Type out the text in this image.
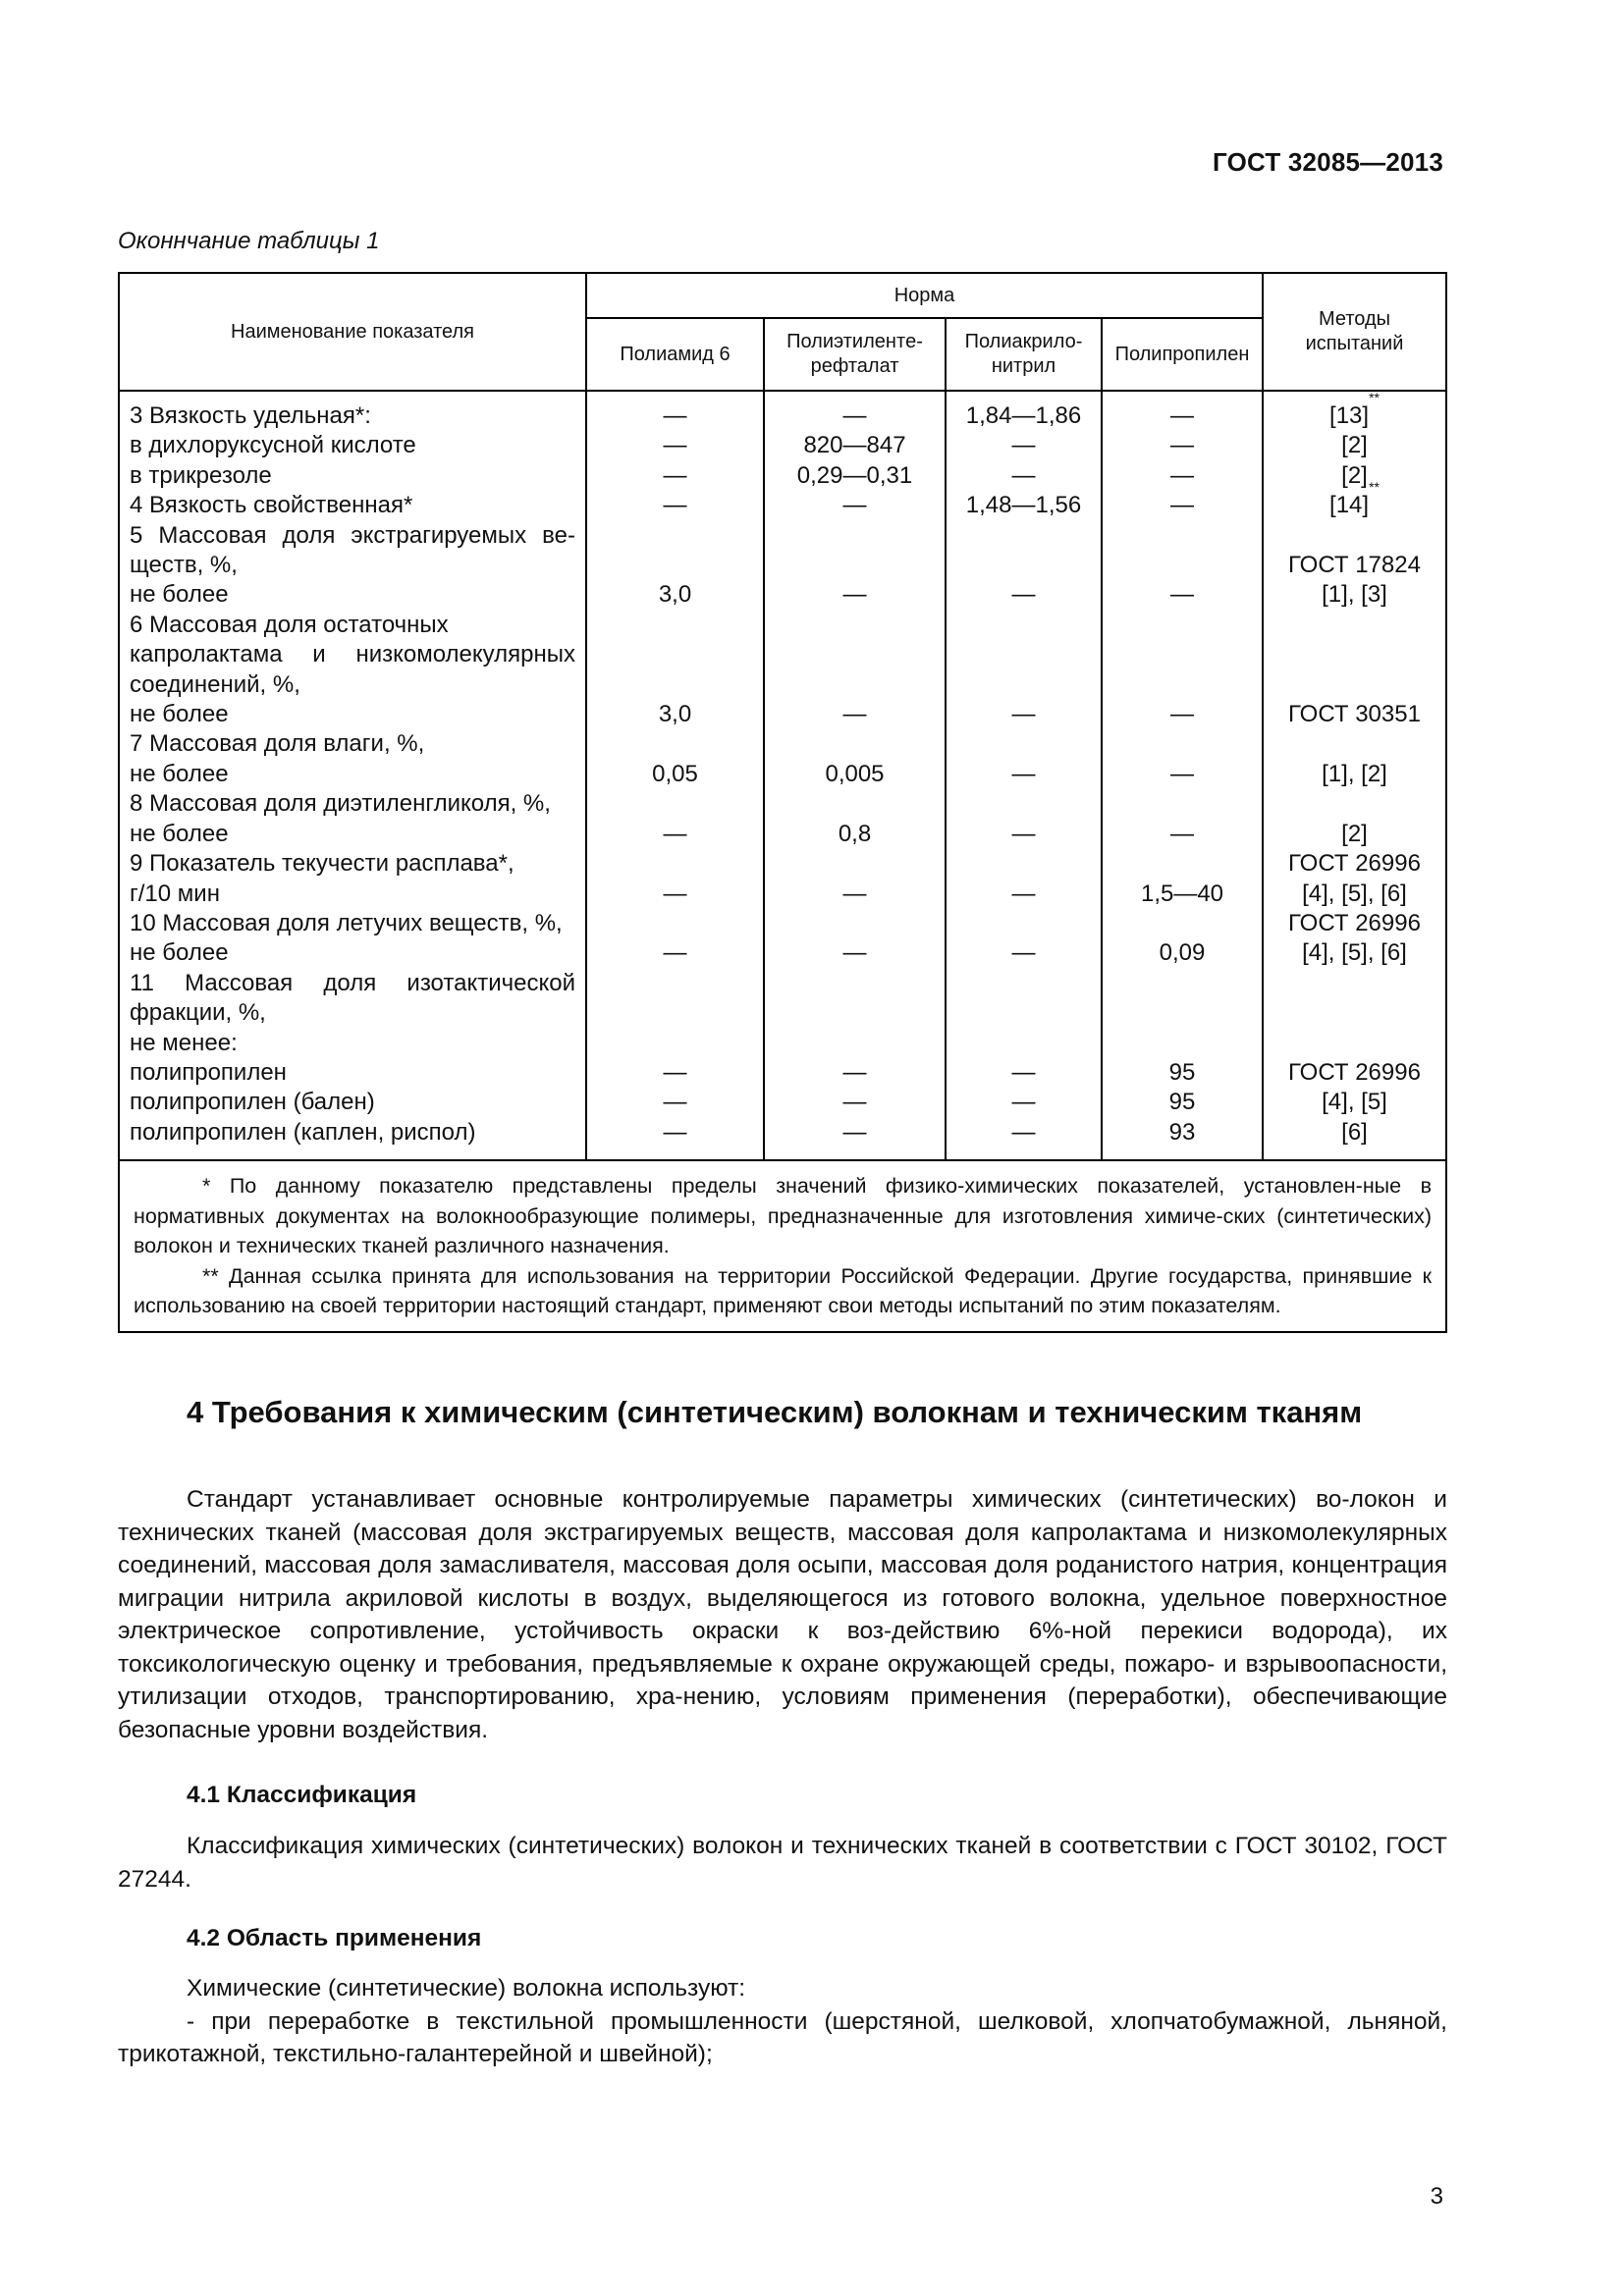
ГОСТ 32085—2013
Оконнчание таблицы 1
Наименование показателя	Норма				Методы испытаний
	Полиамид 6	Полиэтилентe-рефталат	Полиакрило-нитрил	Полипропилен	

3 Вязкость удельная*:	—	—	1,84—1,86	—	[13]**
в дихлоруксусной кислоте	—	820—847	—	—	[2]
в трикрезоле	—	0,29—0,31	—	—	[2]
4 Вязкость свойственная*	—	—	1,48—1,56	—	[14]**
5 Массовая доля экстрагируемых ве-					
ществ, %,					ГОСТ 17824
не более	3,0	—	—	—	[1], [3]
6 Массовая доля остаточных					
капролактама и низкомолекулярных					
соединений, %,					
не более	3,0	—	—	—	ГОСТ 30351
7 Массовая доля влаги, %,					
не более	0,05	0,005	—	—	[1], [2]
8 Массовая доля диэтиленгликоля, %,					
не более	—	0,8	—	—	[2]
9 Показатель текучести расплава*,					ГОСТ 26996
г/10 мин	—	—	—	1,5—40	[4], [5], [6]
10 Массовая доля летучих веществ, %,					ГОСТ 26996
не более	—	—	—	0,09	[4], [5], [6]
11 Массовая доля изотактической					
фракции, %,					
не менее:					
полипропилен	—	—	—	95	ГОСТ 26996
полипропилен (бален)	—	—	—	95	[4], [5]
полипропилен (каплен, риспол)	—	—	—	93	[6]

* По данному показателю представлены пределы значений физико-химических показателей, установлен-ные в нормативных документах на волокнообразующие полимеры, предназначенные для изготовления химиче-ских (синтетических) волокон и технических тканей различного назначения.

** Данная ссылка принята для использования на территории Российской Федерации. Другие государства, принявшие к использованию на своей территории настоящий стандарт, применяют свои методы испытаний по этим показателям.

4 Требования к химическим (синтетическим) волокнам и техническим тканям

Стандарт устанавливает основные контролируемые параметры химических (синтетических) во-локон и технических тканей (массовая доля экстрагируемых веществ, массовая доля капролактама и низкомолекулярных соединений, массовая доля замасливателя, массовая доля осыпи, массовая доля роданистого натрия, концентрация миграции нитрила акриловой кислоты в воздух, выделяющегося из готового волокна, удельное поверхностное электрическое сопротивление, устойчивость окраски к воз-действию 6%-ной перекиси водорода), их токсикологическую оценку и требования, предъявляемые к охране окружающей среды, пожаро- и взрывоопасности, утилизации отходов, транспортированию, хра-нению, условиям применения (переработки), обеспечивающие безопасные уровни воздействия.

4.1 Классификация

Классификация химических (синтетических) волокон и технических тканей в соответствии с ГОСТ 30102, ГОСТ 27244.

4.2 Область применения

Химические (синтетические) волокна используют:

- при переработке в текстильной промышленности (шерстяной, шелковой, хлопчатобумажной, льняной, трикотажной, текстильно-галантерейной и швейной);

3
